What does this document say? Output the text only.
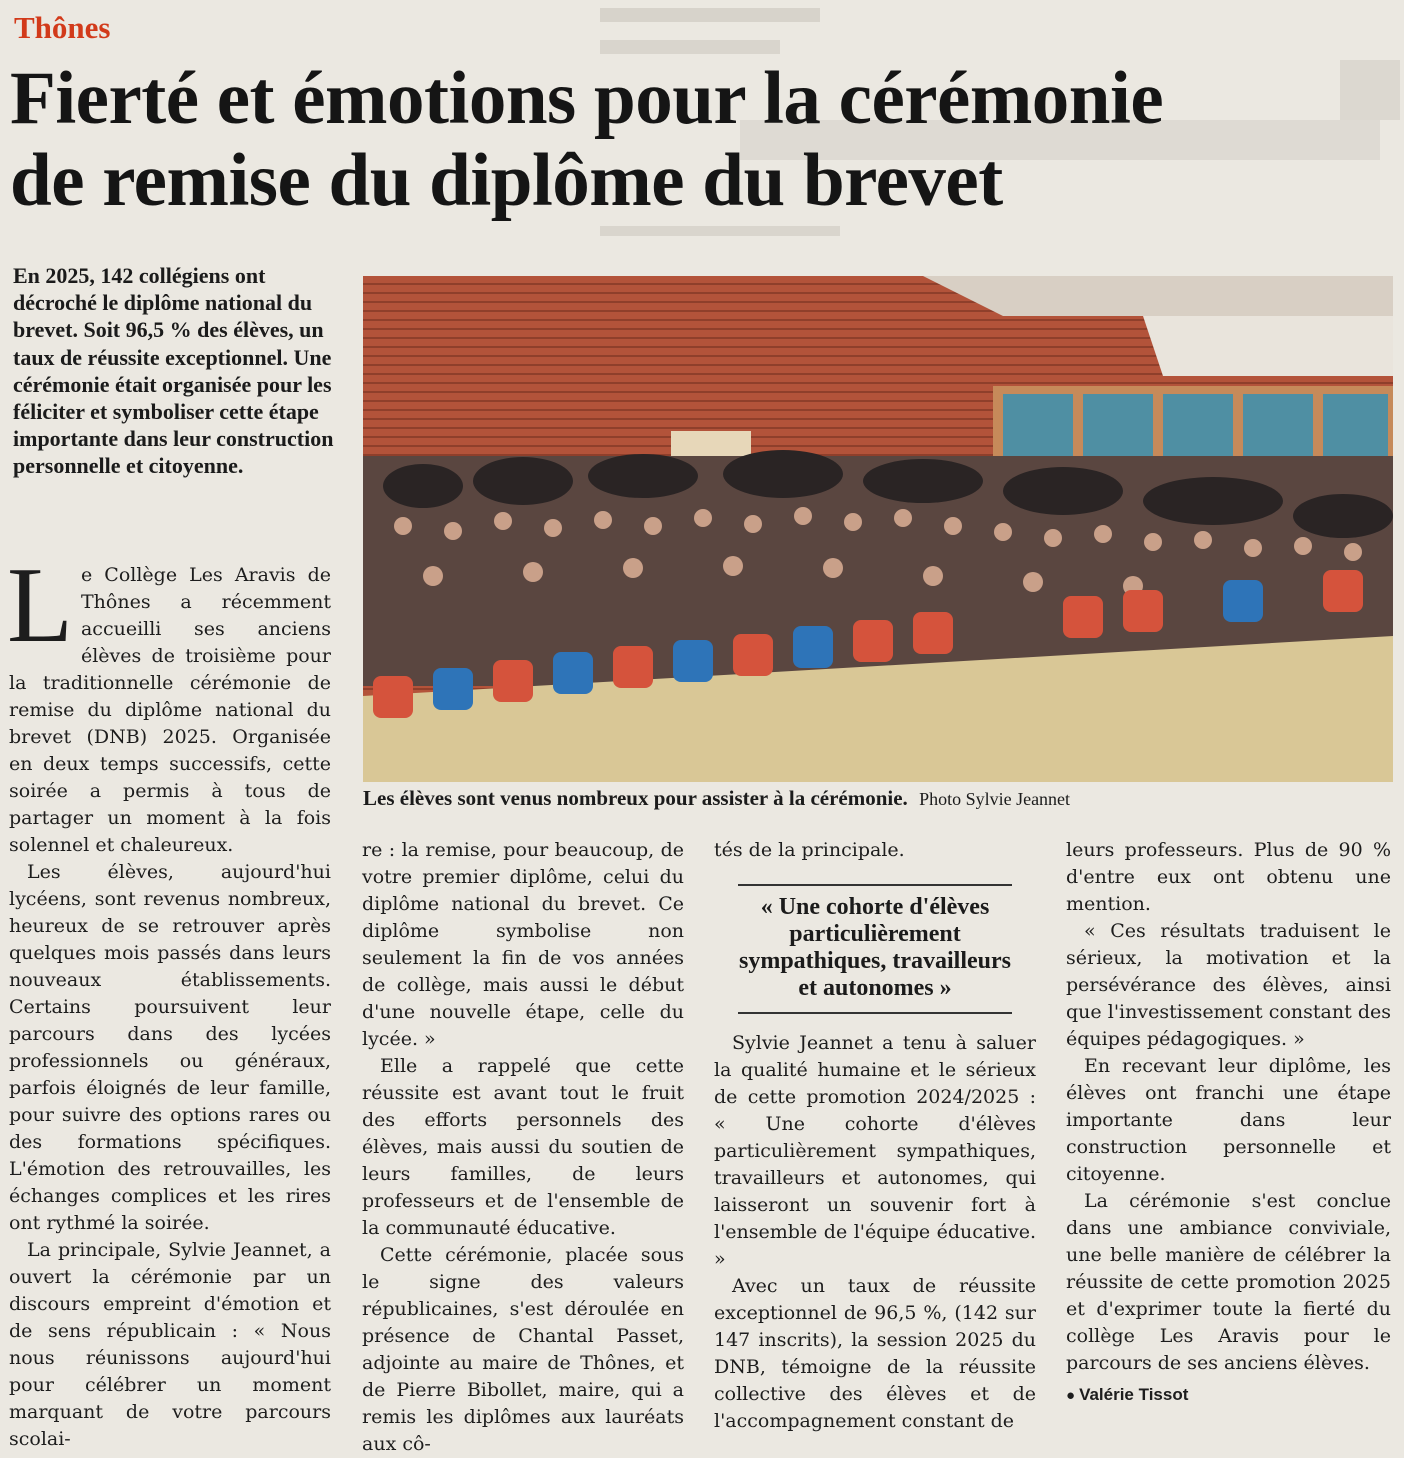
Thônes
Fierté et émotions pour la cérémonie
de remise du diplôme du brevet
En 2025, 142 collégiens ont décroché le diplôme national du brevet. Soit 96,5 % des élèves, un taux de réussite exceptionnel. Une cérémonie était organisée pour les féliciter et symboliser cette étape importante dans leur construction personnelle et citoyenne.
Les élèves sont venus nombreux pour assister à la cérémonie. Photo Sylvie Jeannet

Le Collège Les Aravis de Thônes a récemment accueilli ses anciens élèves de troisième pour la traditionnelle cérémonie de remise du diplôme national du brevet (DNB) 2025. Organisée en deux temps successifs, cette soirée a permis à tous de partager un moment à la fois solennel et chaleureux.

Les élèves, aujourd'hui lycéens, sont revenus nombreux, heureux de se retrouver après quelques mois passés dans leurs nouveaux établissements. Certains poursuivent leur parcours dans des lycées professionnels ou généraux, parfois éloignés de leur famille, pour suivre des options rares ou des formations spécifiques. L'émotion des retrouvailles, les échanges complices et les rires ont rythmé la soirée.

La principale, Sylvie Jeannet, a ouvert la cérémonie par un discours empreint d'émotion et de sens républicain : « Nous nous réunissons aujourd'hui pour célébrer un moment marquant de votre parcours scolai-

re : la remise, pour beaucoup, de votre premier diplôme, celui du diplôme national du brevet. Ce diplôme symbolise non seulement la fin de vos années de collège, mais aussi le début d'une nouvelle étape, celle du lycée. »

Elle a rappelé que cette réussite est avant tout le fruit des efforts personnels des élèves, mais aussi du soutien de leurs familles, de leurs professeurs et de l'ensemble de la communauté éducative.

Cette cérémonie, placée sous le signe des valeurs républicaines, s'est déroulée en présence de Chantal Passet, adjointe au maire de Thônes, et de Pierre Bibollet, maire, qui a remis les diplômes aux lauréats aux cô-

tés de la principale.

« Une cohorte d'élèves particulièrement sympathiques, travailleurs et autonomes »

Sylvie Jeannet a tenu à saluer la qualité humaine et le sérieux de cette promotion 2024/2025 : « Une cohorte d'élèves particulièrement sympathiques, travailleurs et autonomes, qui laisseront un souvenir fort à l'ensemble de l'équipe éducative. »

Avec un taux de réussite exceptionnel de 96,5 %, (142 sur 147 inscrits), la session 2025 du DNB, témoigne de la réussite collective des élèves et de l'accompagnement constant de

leurs professeurs. Plus de 90 % d'entre eux ont obtenu une mention.

« Ces résultats traduisent le sérieux, la motivation et la persévérance des élèves, ainsi que l'investissement constant des équipes pédagogiques. »

En recevant leur diplôme, les élèves ont franchi une étape importante dans leur construction personnelle et citoyenne.

La cérémonie s'est conclue dans une ambiance conviviale, une belle manière de célébrer la réussite de cette promotion 2025 et d'exprimer toute la fierté du collège Les Aravis pour le parcours de ses anciens élèves.

● Valérie Tissot
